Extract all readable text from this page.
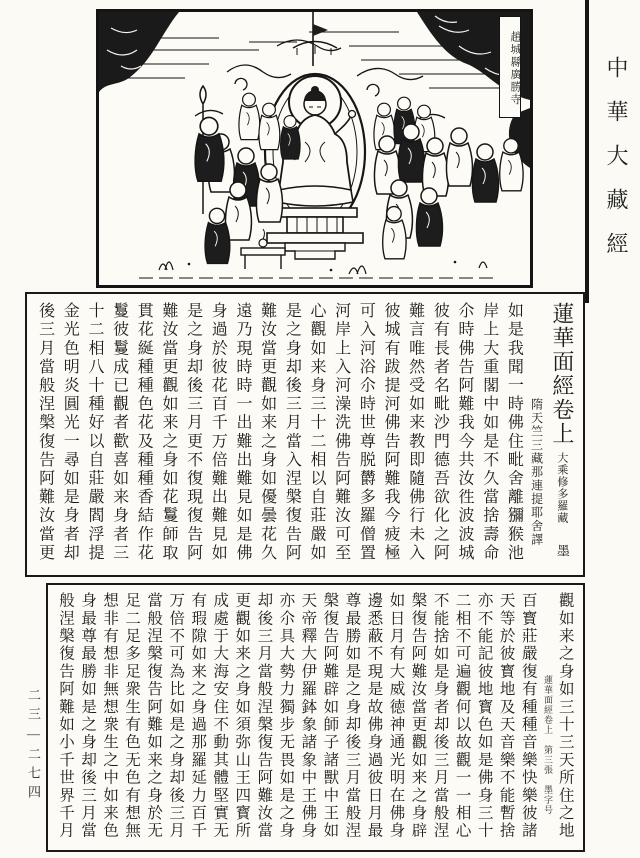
中華大藏經
趙城縣廣勝寺
蓮華面經卷上大乘修多羅藏墨
隋天竺三藏那連提耶舍譯
如是我聞一時佛住毗舍離獼猴池
岸上大重閣中如是不久當捨壽命
尒時佛告阿難我今共汝徃波波城
彼有長者名毗沙門德吾欲化之阿
難言唯然受如来教即隨佛行未入
彼城有跋提河佛告阿難我今疲極
可入河浴尒時世尊脱欝多羅僧置
河岸上入河澡洗佛告阿難汝可至
心觀如来身三十二相以自莊嚴如
是之身却後三月當入涅槃復告阿
難汝當更觀如来之身如優曇花久
遠乃現時時一出難出難見如是佛
身過於彼花百千万倍難出難見如
是之身却後三月更不復現復告阿
難汝當更觀如来之身如花鬘師取
貫花綖種種色花及種種香結作花
鬘彼鬘成已觀者歡喜如来身者三
十二相八十種好以自莊嚴閻浮提
金光色明炎圓光一尋如是身者却
後三月當般涅槃復告阿難汝當更
觀如来之身如三十三天所住之地
百寳莊嚴復有種種音樂快樂彼諸
天等於彼寳地及天音樂不能暫捨
亦不能記彼地寳色如是佛身三十
二相不可遍觀何以故觀一一相心
不能捨如是身者却後三月當般涅
槃復告阿難汝當更觀如来之身辟
如日月有大威徳神通光明在佛身
邊悉蔽不現是故佛身過彼日月最
尊最勝如是之身却後三月當般涅
槃復告阿難辟如師子諸獸中王如
天帝釋大伊羅鉢象諸象中王佛身
亦尒具大勢力獨步无畏如是之身
却後三月當般涅槃復告阿難汝當
更觀如来之身如須弥山王四寳所
成處于大海安住不動其體堅實无
有瑕隙如来之身過那羅延力百千
万倍不可為比如是之身却後三月
當般涅槃復告阿難如来之身於无
足二足多足衆生有色无色有想無
想非有想非無想衆生之中如来色
身最尊最勝如是之身却後三月當
般涅槃復告阿難如小千世界千月	蓮華面經卷上　第三張　墨字号
二三—二七四
